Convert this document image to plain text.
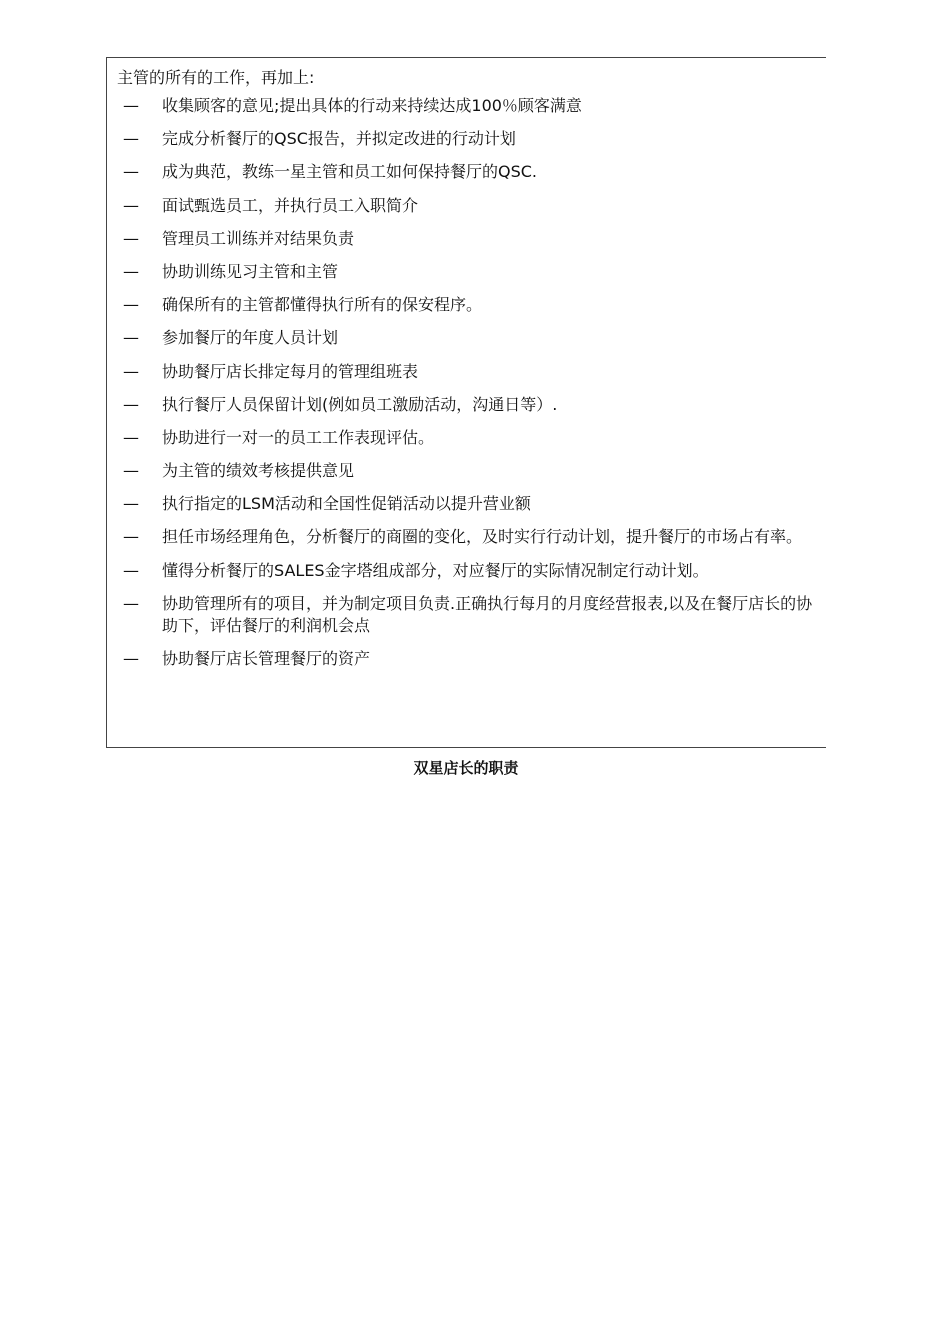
主管的所有的工作，再加上:
—	收集顾客的意见;提出具体的行动来持续达成100％顾客满意
—	完成分析餐厅的QSC报告，并拟定改进的行动计划
—	成为典范，教练一星主管和员工如何保持餐厅的QSC.
—	面试甄选员工，并执行员工入职简介
—	管理员工训练并对结果负责
—	协助训练见习主管和主管
—	确保所有的主管都懂得执行所有的保安程序。
—	参加餐厅的年度人员计划
—	协助餐厅店长排定每月的管理组班表
—	执行餐厅人员保留计划(例如员工激励活动，沟通日等）.
—	协助进行一对一的员工工作表现评估。
—	为主管的绩效考核提供意见
—	执行指定的LSM活动和全国性促销活动以提升营业额
—	担任市场经理角色，分析餐厅的商圈的变化，及时实行行动计划，提升餐厅的市场占有率。
—	懂得分析餐厅的SALES金字塔组成部分，对应餐厅的实际情况制定行动计划。
—	协助管理所有的项目，并为制定项目负责.正确执行每月的月度经营报表,以及在餐厅店长的协助下，评估餐厅的利润机会点
—	协助餐厅店长管理餐厅的资产
双星店长的职责
